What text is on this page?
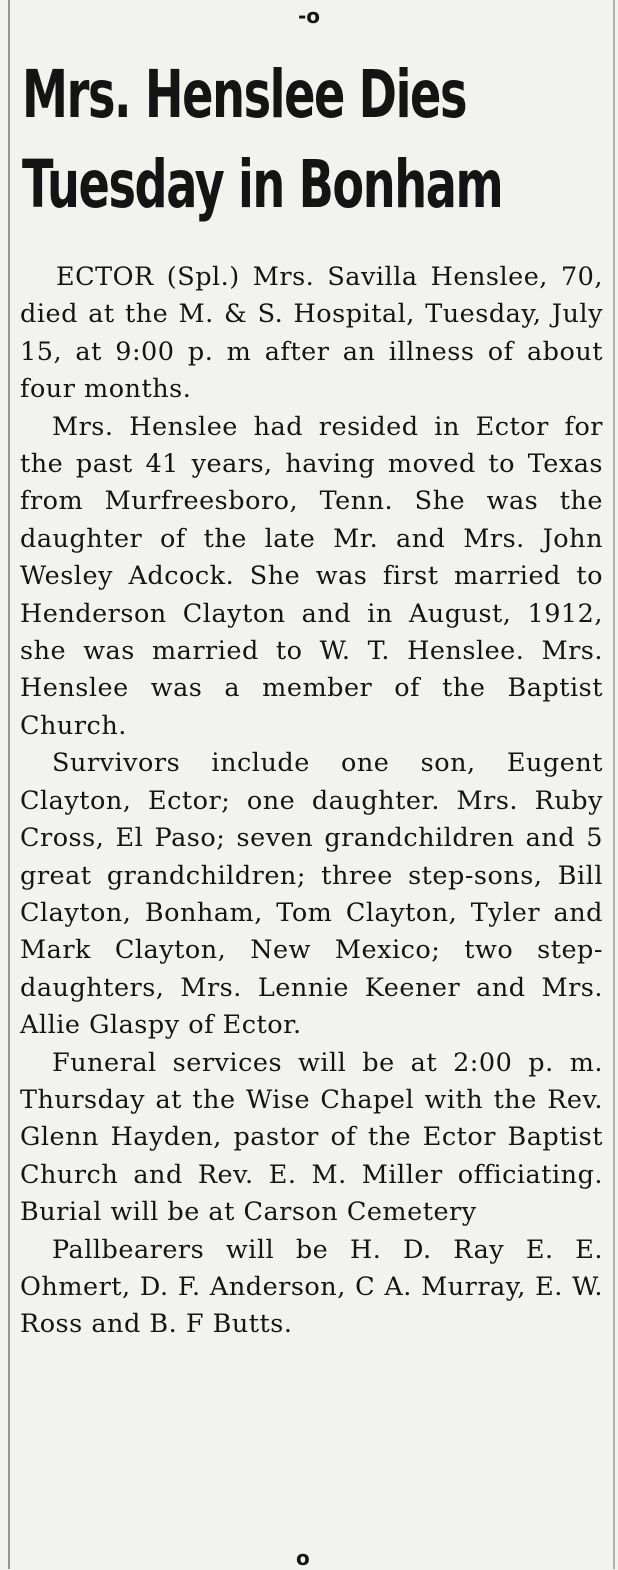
-o
Mrs. Henslee Dies
Tuesday in Bonham

ECTOR (Spl.) Mrs. Savilla Henslee, 70, died at the M. & S. Hospital, Tuesday, July 15, at 9:00 p. m after an illness of about four months.

Mrs. Henslee had resided in Ector for the past 41 years, having moved to Texas from Murfreesboro, Tenn. She was the daughter of the late Mr. and Mrs. John Wesley Adcock. She was first married to Henderson Clayton and in August, 1912, she was married to W. T. Henslee. Mrs. Henslee was a member of the Baptist Church.

Survivors include one son, Eugent Clayton, Ector; one daughter. Mrs. Ruby Cross, El Paso; seven grandchildren and 5 great grandchildren; three step-sons, Bill Clayton, Bonham, Tom Clayton, Tyler and Mark Clayton, New Mexico; two step-daughters, Mrs. Lennie Keener and Mrs. Allie Glaspy of Ector.

Funeral services will be at 2:00 p. m. Thursday at the Wise Chapel with the Rev. Glenn Hayden, pastor of the Ector Baptist Church and Rev. E. M. Miller officiating. Burial will be at Carson Cemetery

Pallbearers will be H. D. Ray E. E. Ohmert, D. F. Anderson, C A. Murray, E. W. Ross and B. F Butts.

o
